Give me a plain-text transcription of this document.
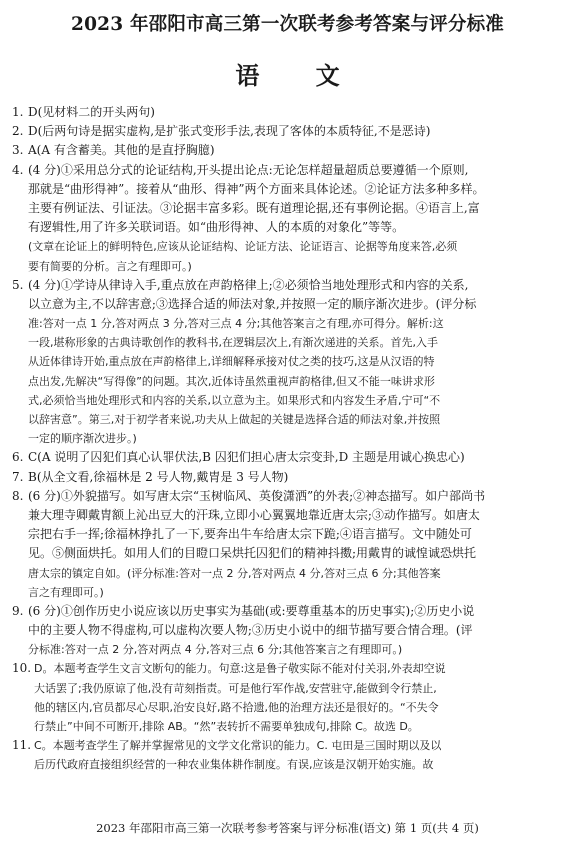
2023 年邵阳市高三第一次联考参考答案与评分标准
语 文
1. D(见材料二的开头两句)
2. D(后两句诗是据实虚构,是扩张式变形手法,表现了客体的本质特征,不是恶诗)
3. A(A 有含蓄美。其他的是直抒胸臆)
4. (4 分)①采用总分式的论证结构,开头提出论点:无论怎样超量超质总要遵循一个原则,
那就是“曲形得神”。接着从“曲形、得神”两个方面来具体论述。②论证方法多种多样。
主要有例证法、引证法。③论据丰富多彩。既有道理论据,还有事例论据。④语言上,富
有逻辑性,用了许多关联词语。如“曲形得神、人的本质的对象化”等等。
(文章在论证上的鲜明特色,应该从论证结构、论证方法、论证语言、论据等角度来答,必须
要有简要的分析。言之有理即可。)
5. (4 分)①学诗从律诗入手,重点放在声韵格律上;②必须恰当地处理形式和内容的关系,
以立意为主,不以辞害意;③选择合适的师法对象,并按照一定的顺序渐次进步。(评分标
准:答对一点 1 分,答对两点 3 分,答对三点 4 分;其他答案言之有理,亦可得分。解析:这
一段,堪称形象的古典诗歌创作的教科书,在逻辑层次上,有渐次递进的关系。首先,入手
从近体律诗开始,重点放在声韵格律上,详细解释承接对仗之类的技巧,这是从汉语的特
点出发,先解决“写得像”的问题。其次,近体诗虽然重视声韵格律,但又不能一味讲求形
式,必须恰当地处理形式和内容的关系,以立意为主。如果形式和内容发生矛盾,宁可“不
以辞害意”。第三,对于初学者来说,功夫从上做起的关键是选择合适的师法对象,并按照
一定的顺序渐次进步。)
6. C(A 说明了囚犯们真心认罪伏法,B 囚犯们担心唐太宗变卦,D 主题是用诚心换忠心)
7. B(从全文看,徐福林是 2 号人物,戴胄是 3 号人物)
8. (6 分)①外貌描写。如写唐太宗“玉树临风、英俊潇洒”的外表;②神态描写。如户部尚书
兼大理寺卿戴胄额上沁出豆大的汗珠,立即小心翼翼地靠近唐太宗;③动作描写。如唐太
宗把右手一挥;徐福林挣扎了一下,要奔出牛车给唐太宗下跪;④语言描写。文中随处可
见。⑤侧面烘托。如用人们的目瞪口呆烘托囚犯们的精神抖擞;用戴胄的诚惶诚恐烘托
唐太宗的镇定自如。(评分标准:答对一点 2 分,答对两点 4 分,答对三点 6 分;其他答案
言之有理即可。)
9. (6 分)①创作历史小说应该以历史事实为基础(或:要尊重基本的历史事实);②历史小说
中的主要人物不得虚构,可以虚构次要人物;③历史小说中的细节描写要合情合理。(评
分标准:答对一点 2 分,答对两点 4 分,答对三点 6 分;其他答案言之有理即可。)
10. D。本题考查学生文言文断句的能力。句意:这是鲁子敬实际不能对付关羽,外表却空说
大话罢了;我仍原谅了他,没有苛刻指责。可是他行军作战,安营驻守,能做到令行禁止,
他的辖区内,官员都尽心尽职,治安良好,路不拾遗,他的治理方法还是很好的。“不失令
行禁止”中间不可断开,排除 AB。“然”表转折不需要单独成句,排除 C。故选 D。
11. C。本题考查学生了解并掌握常见的文学文化常识的能力。C. 屯田是三国时期以及以
后历代政府直接组织经营的一种农业集体耕作制度。有误,应该是汉朝开始实施。故
2023 年邵阳市高三第一次联考参考答案与评分标准(语文) 第 1 页(共 4 页)
